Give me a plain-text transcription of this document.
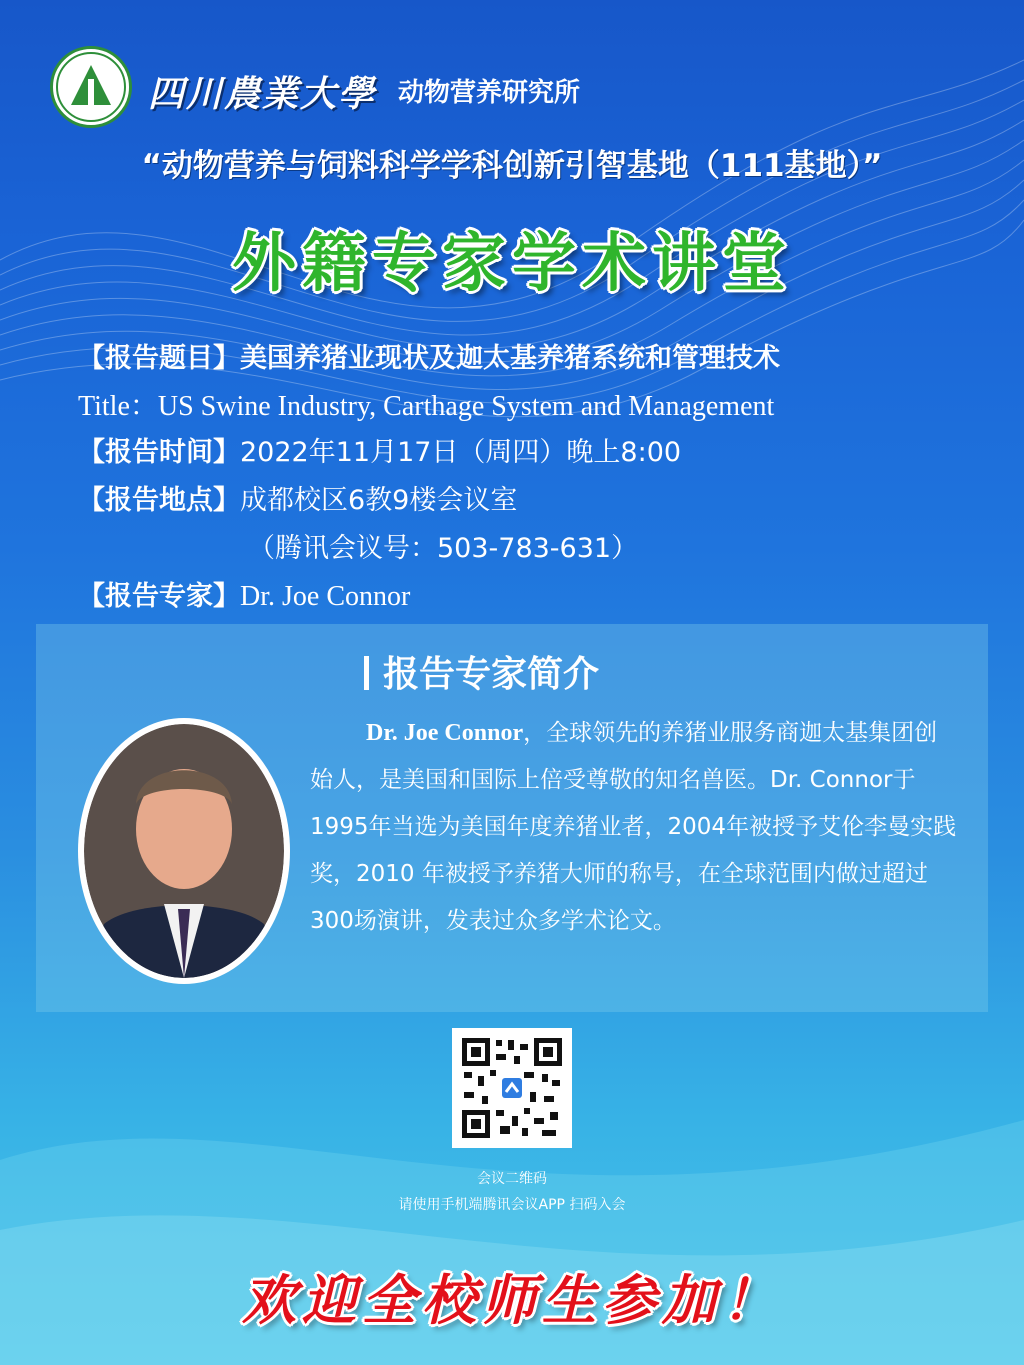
四川農業大學 动物营养研究所
“动物营养与饲料科学学科创新引智基地（111基地）”
外籍专家学术讲堂
【报告题目】美国养猪业现状及迦太基养猪系统和管理技术
Title：US Swine Industry, Carthage System and Management
【报告时间】2022年11月17日（周四）晚上8:00
【报告地点】成都校区6教9楼会议室
（腾讯会议号：503-783-631）
【报告专家】Dr. Joe Connor
报告专家简介
Dr. Joe Connor，全球领先的养猪业服务商迦太基集团创始人，是美国和国际上倍受尊敬的知名兽医。Dr. Connor于1995年当选为美国年度养猪业者，2004年被授予艾伦李曼实践奖，2010 年被授予养猪大师的称号，在全球范围内做过超过300场演讲，发表过众多学术论文。
会议二维码
请使用手机端腾讯会议APP 扫码入会
欢迎全校师生参加！
